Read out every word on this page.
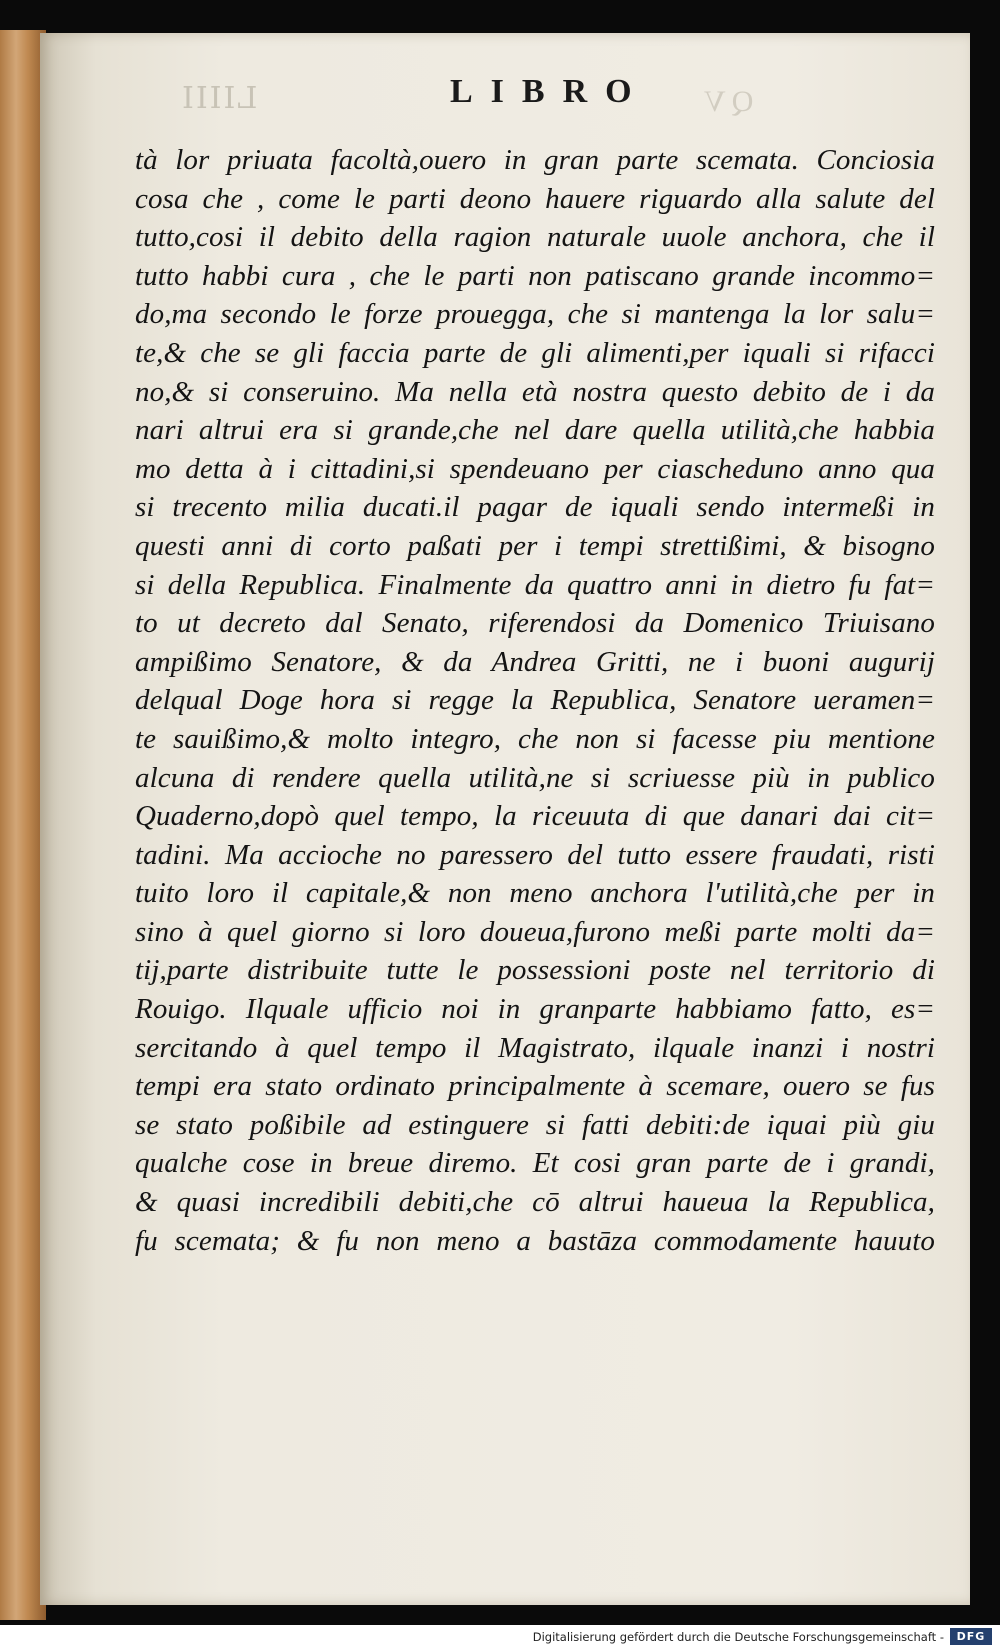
LIIII	LIBRO QV
tà lor priuata facoltà,ouero in gran parte scemata. Conciosia
cosa che , come le parti deono hauere riguardo alla salute del
tutto,cosi il debito della ragion naturale uuole anchora, che il
tutto habbi cura , che le parti non patiscano grande incommo=
do,ma secondo le forze prouegga, che si mantenga la lor salu=
te,& che se gli faccia parte de gli alimenti,per iquali si rifacci
no,& si conseruino. Ma nella età nostra questo debito de i da
nari altrui era si grande,che nel dare quella utilità,che habbia
mo detta à i cittadini,si spendeuano per ciascheduno anno qua
si trecento milia ducati.il pagar de iquali sendo intermeßi in
questi anni di corto paßati per i tempi strettißimi, & bisogno
si della Republica. Finalmente da quattro anni in dietro fu fat=
to ut decreto dal Senato, riferendosi da Domenico Triuisano
ampißimo Senatore, & da Andrea Gritti, ne i buoni augurij
delqual Doge hora si regge la Republica, Senatore ueramen=
te sauißimo,& molto integro, che non si facesse piu mentione
alcuna di rendere quella utilità,ne si scriuesse più in publico
Quaderno,dopò quel tempo, la riceuuta di que danari dai cit=
tadini. Ma accioche no paressero del tutto essere fraudati, risti
tuito loro il capitale,& non meno anchora l'utilità,che per in
sino à quel giorno si loro doueua,furono meßi parte molti da=
tij,parte distribuite tutte le possessioni poste nel territorio di
Rouigo. Ilquale ufficio noi in granparte habbiamo fatto, es=
sercitando à quel tempo il Magistrato, ilquale inanzi i nostri
tempi era stato ordinato principalmente à scemare, ouero se fus
se stato poßibile ad estinguere si fatti debiti:de iquai più giu
qualche cose in breue diremo. Et cosi gran parte de i grandi,
& quasi incredibili debiti,che cō altrui haueua la Republica,
fu scemata; & fu non meno a bastāza commodamente hauuto
Digitalisierung gefördert durch die Deutsche Forschungsgemeinschaft -	DFG
